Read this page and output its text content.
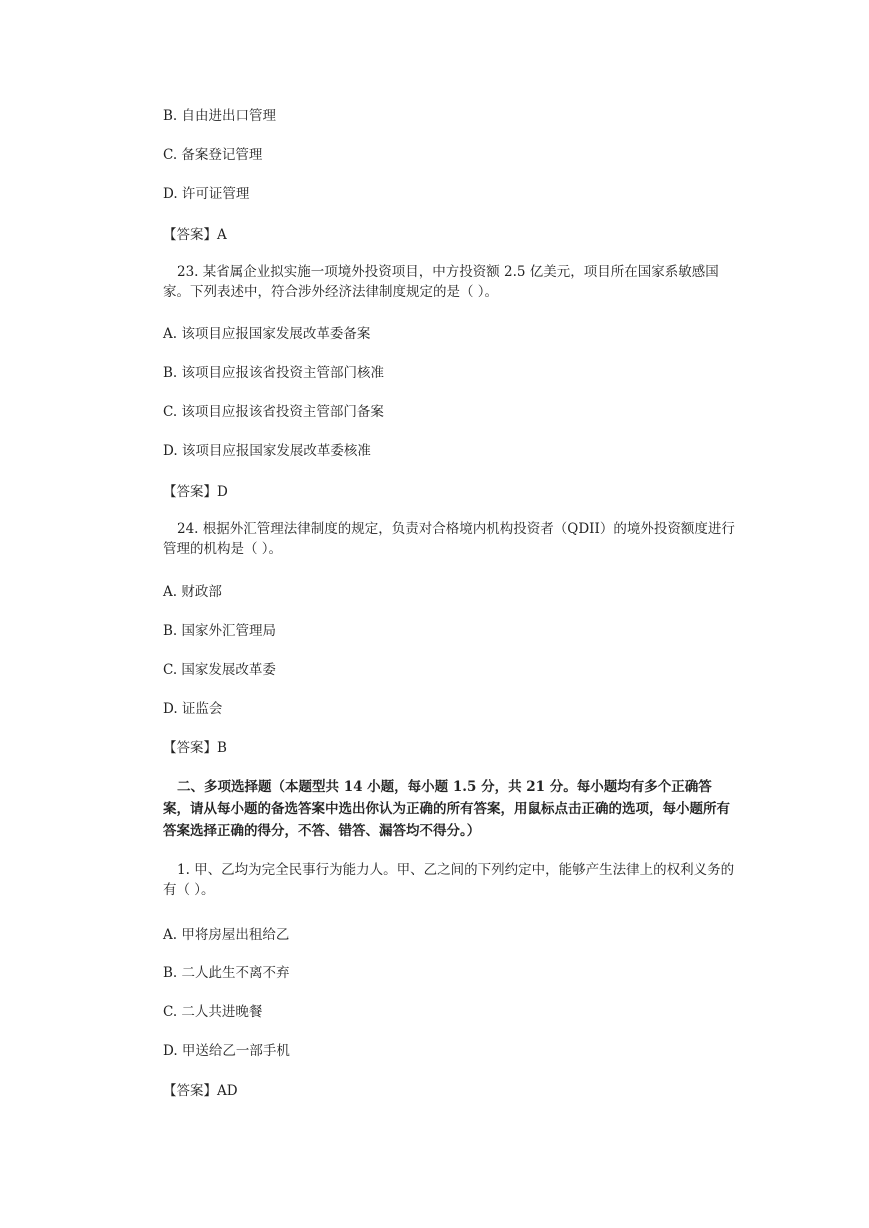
B. 自由进出口管理
C. 备案登记管理
D. 许可证管理
【答案】A
23. 某省属企业拟实施一项境外投资项目，中方投资额 2.5 亿美元，项目所在国家系敏感国家。下列表述中，符合涉外经济法律制度规定的是（ ）。
A. 该项目应报国家发展改革委备案
B. 该项目应报该省投资主管部门核准
C. 该项目应报该省投资主管部门备案
D. 该项目应报国家发展改革委核准
【答案】D
24. 根据外汇管理法律制度的规定，负责对合格境内机构投资者（QDII）的境外投资额度进行管理的机构是（ ）。
A. 财政部
B. 国家外汇管理局
C. 国家发展改革委
D. 证监会
【答案】B
二、多项选择题（本题型共 14 小题，每小题 1.5 分，共 21 分。每小题均有多个正确答案，请从每小题的备选答案中选出你认为正确的所有答案，用鼠标点击正确的选项，每小题所有答案选择正确的得分，不答、错答、漏答均不得分。）
1. 甲、乙均为完全民事行为能力人。甲、乙之间的下列约定中，能够产生法律上的权利义务的有（ ）。
A. 甲将房屋出租给乙
B. 二人此生不离不弃
C. 二人共进晚餐
D. 甲送给乙一部手机
【答案】AD
